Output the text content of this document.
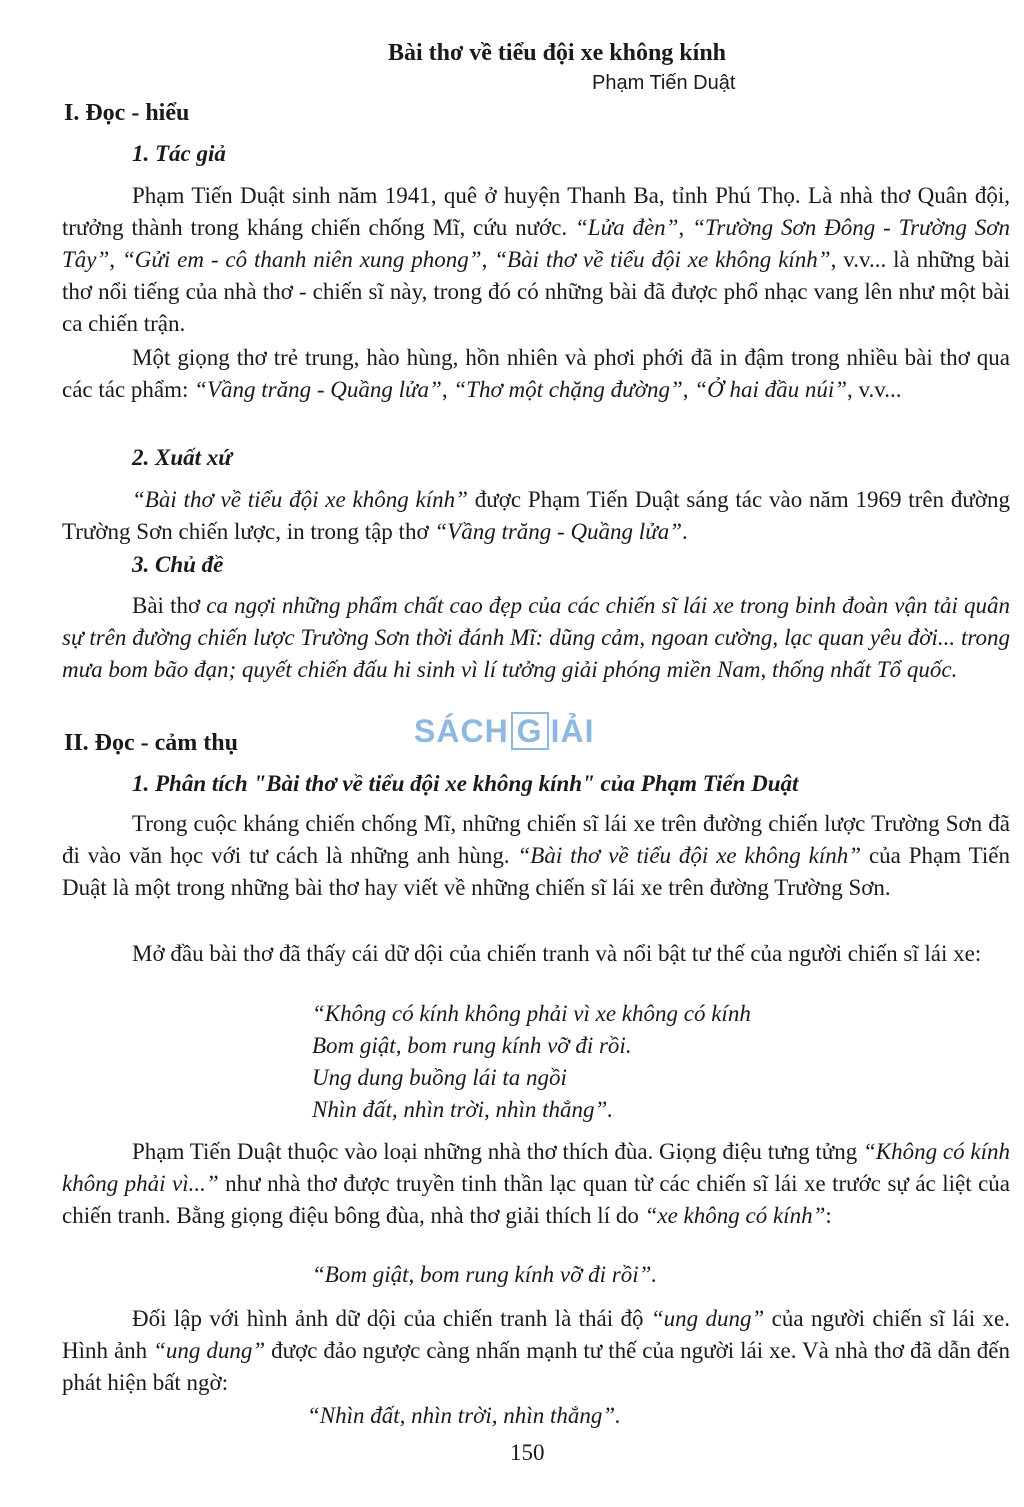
Bài thơ về tiểu đội xe không kính
Phạm Tiến Duật
I. Đọc - hiểu
1. Tác giả

Phạm Tiến Duật sinh năm 1941, quê ở huyện Thanh Ba, tỉnh Phú Thọ. Là nhà thơ Quân đội, trưởng thành trong kháng chiến chống Mĩ, cứu nước. “Lửa đèn”, “Trường Sơn Đông - Trường Sơn Tây”, “Gửi em - cô thanh niên xung phong”, “Bài thơ về tiểu đội xe không kính”, v.v... là những bài thơ nổi tiếng của nhà thơ - chiến sĩ này, trong đó có những bài đã được phổ nhạc vang lên như một bài ca chiến trận.

Một giọng thơ trẻ trung, hào hùng, hồn nhiên và phơi phới đã in đậm trong nhiều bài thơ qua các tác phẩm: “Vầng trăng - Quầng lửa”, “Thơ một chặng đường”, “Ở hai đầu núi”, v.v...

2. Xuất xứ

“Bài thơ về tiểu đội xe không kính” được Phạm Tiến Duật sáng tác vào năm 1969 trên đường Trường Sơn chiến lược, in trong tập thơ “Vầng trăng - Quầng lửa”.

3. Chủ đề

Bài thơ ca ngợi những phẩm chất cao đẹp của các chiến sĩ lái xe trong binh đoàn vận tải quân sự trên đường chiến lược Trường Sơn thời đánh Mĩ: dũng cảm, ngoan cường, lạc quan yêu đời... trong mưa bom bão đạn; quyết chiến đấu hi sinh vì lí tưởng giải phóng miền Nam, thống nhất Tổ quốc.

II. Đọc - cảm thụ
1. Phân tích "Bài thơ về tiểu đội xe không kính" của Phạm Tiến Duật

Trong cuộc kháng chiến chống Mĩ, những chiến sĩ lái xe trên đường chiến lược Trường Sơn đã đi vào văn học với tư cách là những anh hùng. “Bài thơ về tiểu đội xe không kính” của Phạm Tiến Duật là một trong những bài thơ hay viết về những chiến sĩ lái xe trên đường Trường Sơn.

Mở đầu bài thơ đã thấy cái dữ dội của chiến tranh và nổi bật tư thế của người chiến sĩ lái xe:

“Không có kính không phải vì xe không có kính
Bom giật, bom rung kính vỡ đi rồi.
Ung dung buồng lái ta ngồi
Nhìn đất, nhìn trời, nhìn thẳng”.

Phạm Tiến Duật thuộc vào loại những nhà thơ thích đùa. Giọng điệu tưng tửng “Không có kính không phải vì...” như nhà thơ được truyền tinh thần lạc quan từ các chiến sĩ lái xe trước sự ác liệt của chiến tranh. Bằng giọng điệu bông đùa, nhà thơ giải thích lí do “xe không có kính”:

“Bom giật, bom rung kính vỡ đi rồi”.

Đối lập với hình ảnh dữ dội của chiến tranh là thái độ “ung dung” của người chiến sĩ lái xe. Hình ảnh “ung dung” được đảo ngược càng nhấn mạnh tư thế của người lái xe. Và nhà thơ đã dẫn đến phát hiện bất ngờ:

“Nhìn đất, nhìn trời, nhìn thẳng”.
150
SÁCH G IẢI
